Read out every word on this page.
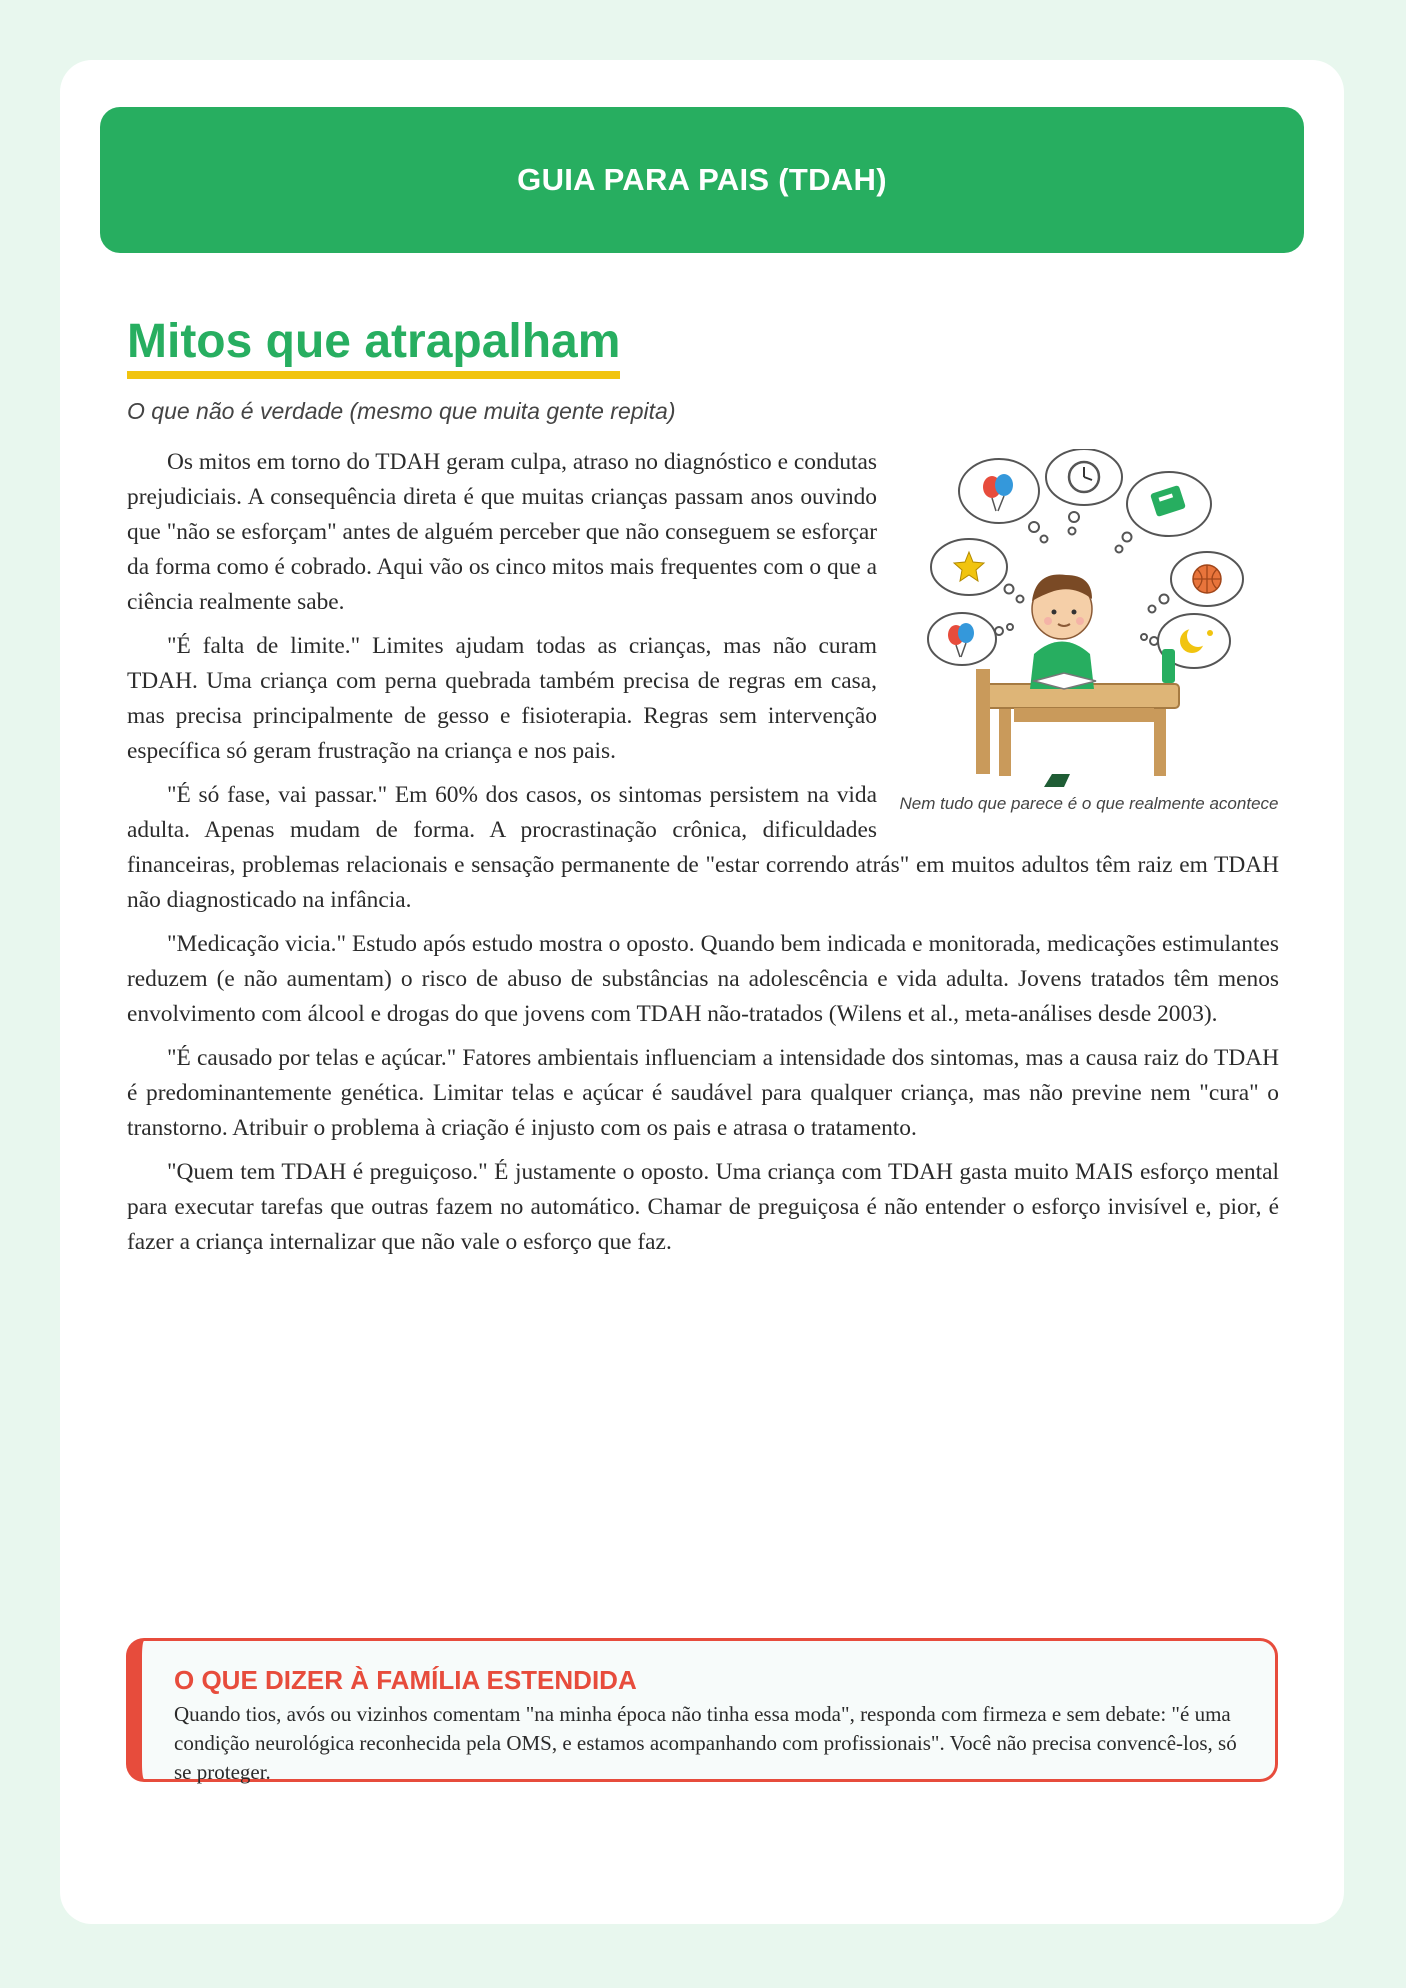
GUIA PARA PAIS (TDAH)
Mitos que atrapalham

O que não é verdade (mesmo que muita gente repita)

Nem tudo que parece é o que realmente acontece

Os mitos em torno do TDAH geram culpa, atraso no diagnóstico e condutas prejudiciais. A consequência direta é que muitas crianças passam anos ouvindo que "não se esforçam" antes de alguém perceber que não conseguem se esforçar da forma como é cobrado. Aqui vão os cinco mitos mais frequentes com o que a ciência realmente sabe.

"É falta de limite." Limites ajudam todas as crianças, mas não curam TDAH. Uma criança com perna quebrada também precisa de regras em casa, mas precisa principalmente de gesso e fisioterapia. Regras sem intervenção específica só geram frustração na criança e nos pais.

"É só fase, vai passar." Em 60% dos casos, os sintomas persistem na vida adulta. Apenas mudam de forma. A procrastinação crônica, dificuldades financeiras, problemas relacionais e sensação permanente de "estar correndo atrás" em muitos adultos têm raiz em TDAH não diagnosticado na infância.

"Medicação vicia." Estudo após estudo mostra o oposto. Quando bem indicada e monitorada, medicações estimulantes reduzem (e não aumentam) o risco de abuso de substâncias na adolescência e vida adulta. Jovens tratados têm menos envolvimento com álcool e drogas do que jovens com TDAH não-tratados (Wilens et al., meta-análises desde 2003).

"É causado por telas e açúcar." Fatores ambientais influenciam a intensidade dos sintomas, mas a causa raiz do TDAH é predominantemente genética. Limitar telas e açúcar é saudável para qualquer criança, mas não previne nem "cura" o transtorno. Atribuir o problema à criação é injusto com os pais e atrasa o tratamento.

"Quem tem TDAH é preguiçoso." É justamente o oposto. Uma criança com TDAH gasta muito MAIS esforço mental para executar tarefas que outras fazem no automático. Chamar de preguiçosa é não entender o esforço invisível e, pior, é fazer a criança internalizar que não vale o esforço que faz.

O QUE DIZER À FAMÍLIA ESTENDIDA

Quando tios, avós ou vizinhos comentam "na minha época não tinha essa moda", responda com firmeza e sem debate: "é uma condição neurológica reconhecida pela OMS, e estamos acompanhando com profissionais". Você não precisa convencê-los, só se proteger.
